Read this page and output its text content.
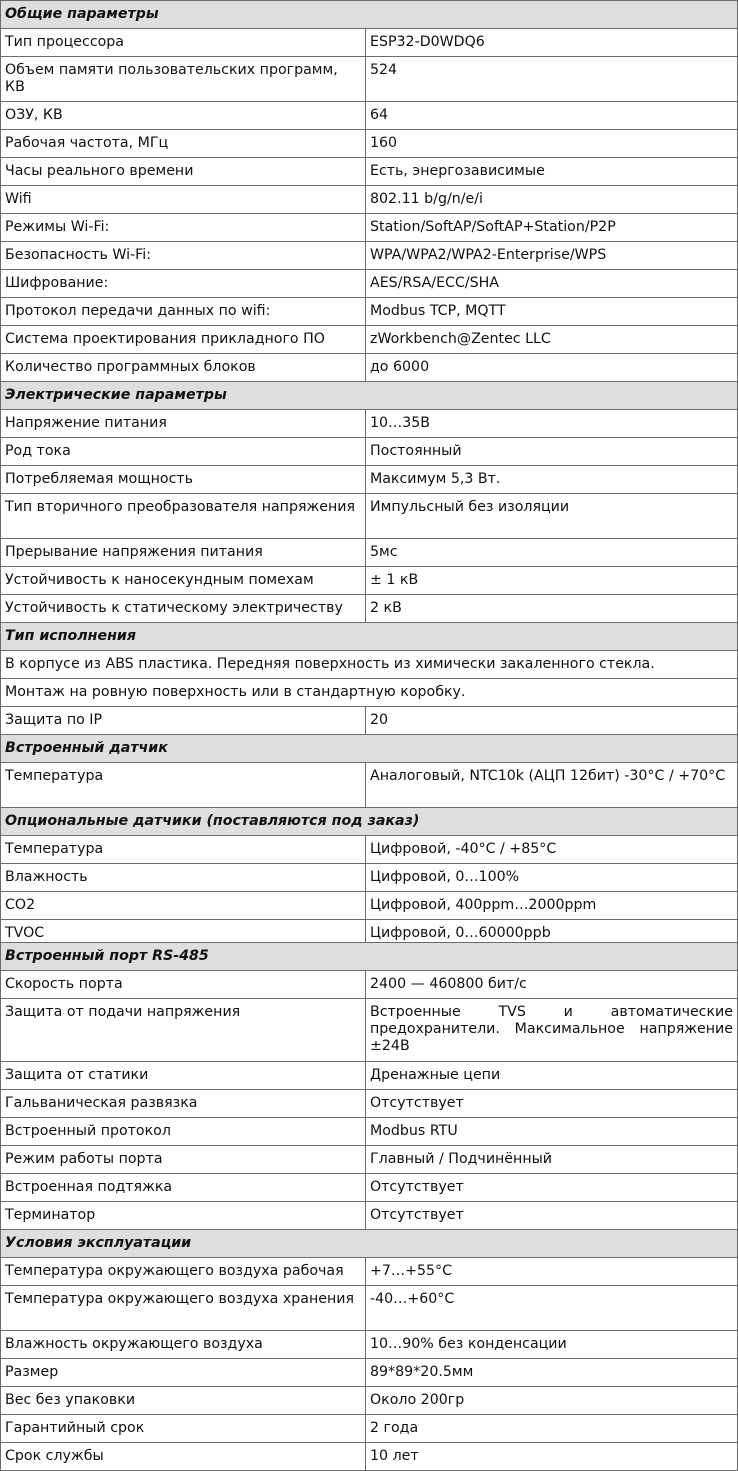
Общие параметры	
Тип процессора	ESP32-D0WDQ6
Объем памяти пользовательских программ, КВ	524
ОЗУ, КВ	64
Рабочая частота, МГц	160
Часы реального времени	Есть, энергозависимые
Wifi	802.11 b/g/n/e/i
Режимы Wi-Fi:	Station/SoftAP/SoftAP+Station/P2P
Безопасность Wi-Fi:	WPA/WPA2/WPA2-Enterprise/WPS
Шифрование:	AES/RSA/ECC/SHA
Протокол передачи данных по wifi:	Modbus TCP, MQTT
Система проектирования прикладного ПО	zWorkbench@Zentec LLC
Количество программных блоков	до 6000
Электрические параметры	
Напряжение питания	10…35В
Род тока	Постоянный
Потребляемая мощность	Максимум 5,3 Вт.
Тип вторичного преобразователя напряжения	Импульсный без изоляции
Прерывание напряжения питания	5мс
Устойчивость к наносекундным помехам	± 1 кВ
Устойчивость к статическому электричеству	2 кВ
Тип исполнения	
В корпусе из ABS пластика. Передняя поверхность из химически закаленного стекла.	
Монтаж на ровную поверхность или в стандартную коробку.	
Защита по IP	20
Встроенный датчик	
Температура	Аналоговый, NTC10k (АЦП 12бит) -30°C / +70°C
Опциональные датчики (поставляются под заказ)	
Температура	Цифровой, -40°C / +85°C
Влажность	Цифровой, 0…100%
CO2	Цифровой, 400ppm…2000ppm
TVOC	Цифровой, 0…60000ppb
Встроенный порт RS-485	
Скорость порта	2400 — 460800 бит/с
Защита от подачи напряжения	Встроенные TVS и автоматические предохранители. Максимальное напряжение ±24В
Защита от статики	Дренажные цепи
Гальваническая развязка	Отсутствует
Встроенный протокол	Modbus RTU
Режим работы порта	Главный / Подчинённый
Встроенная подтяжка	Отсутствует
Терминатор	Отсутствует
Условия эксплуатации	
Температура окружающего воздуха рабочая	+7…+55°C
Температура окружающего воздуха хранения	-40…+60°C
Влажность окружающего воздуха	10…90% без конденсации
Размер	89*89*20.5мм
Вес без упаковки	Около 200гр
Гарантийный срок	2 года
Срок службы	10 лет
